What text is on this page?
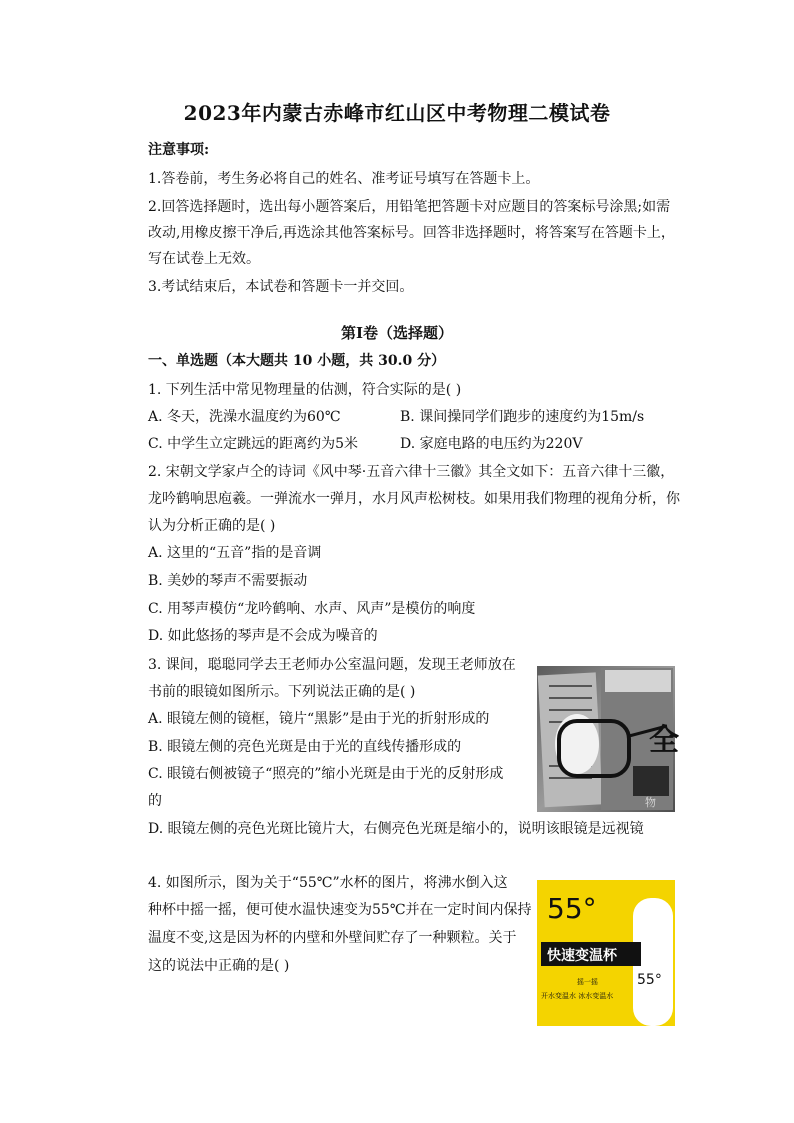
2023年内蒙古赤峰市红山区中考物理二模试卷
注意事项:
1.答卷前，考生务必将自己的姓名、准考证号填写在答题卡上。
2.回答选择题时，选出每小题答案后，用铅笔把答题卡对应题目的答案标号涂黑;如需
改动,用橡皮擦干净后,再选涂其他答案标号。回答非选择题时，将答案写在答题卡上，
写在试卷上无效。
3.考试结束后，本试卷和答题卡一并交回。
第Ⅰ卷（选择题）
一、单选题（本大题共 10 小题，共 30.0 分）
1. 下列生活中常见物理量的估测，符合实际的是( )
A. 冬天，洗澡水温度约为60℃	B. 课间操同学们跑步的速度约为15m/s
C. 中学生立定跳远的距离约为5米	D. 家庭电路的电压约为220V
2. 宋朝文学家卢仝的诗词《风中琴·五音六律十三徽》其全文如下：五音六律十三徽，
龙吟鹤响思庖羲。一弹流水一弹月，水月风声松树枝。如果用我们物理的视角分析，你
认为分析正确的是( )
A. 这里的“五音”指的是音调
B. 美妙的琴声不需要振动
C. 用琴声模仿“龙吟鹤响、水声、风声”是模仿的响度
D. 如此悠扬的琴声是不会成为噪音的
3. 课间，聪聪同学去王老师办公室温问题，发现王老师放在
书前的眼镜如图所示。下列说法正确的是( )
A. 眼镜左侧的镜框，镜片“黑影”是由于光的折射形成的
B. 眼镜左侧的亮色光斑是由于光的直线传播形成的
C. 眼镜右侧被镜子“照亮的”缩小光斑是由于光的反射形成
的
D. 眼镜左侧的亮色光斑比镜片大，右侧亮色光斑是缩小的，说明该眼镜是远视镜
全
物
4. 如图所示，图为关于“55℃”水杯的图片，将沸水倒入这
种杯中摇一摇，便可使水温快速变为55℃并在一定时间内保持
温度不变,这是因为杯的内壁和外壁间贮存了一种颗粒。关于
这的说法中正确的是( )
55°
快速变温杯
摇一摇
开水变温水 冰水变温水
55°
